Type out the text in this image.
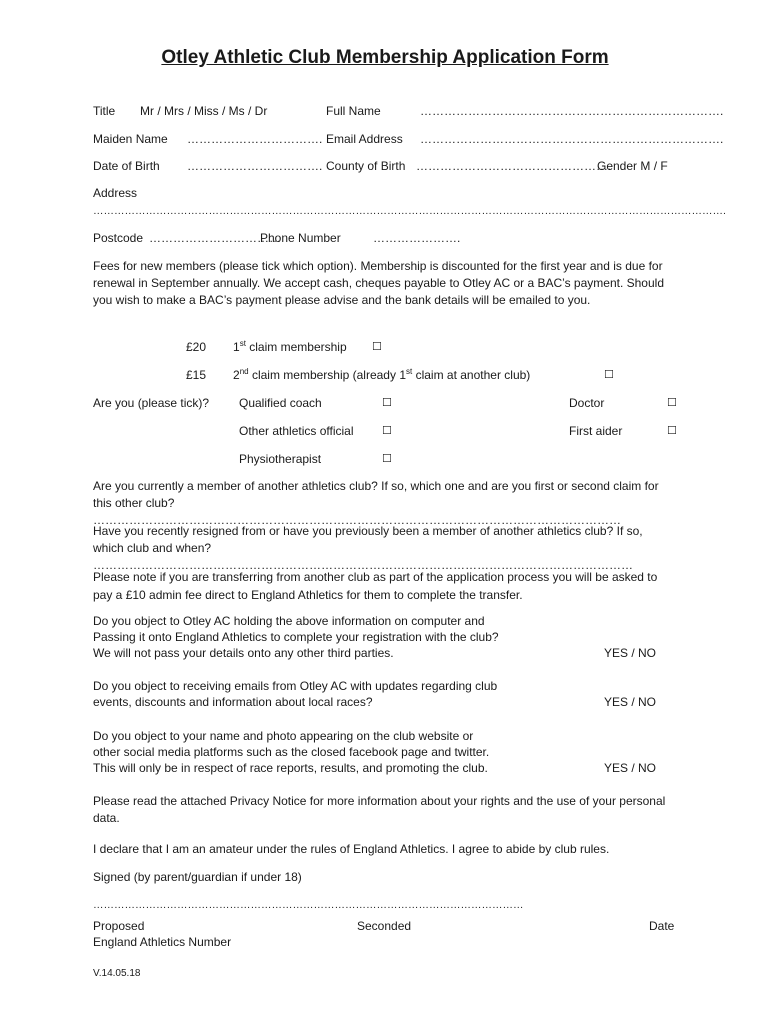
Otley Athletic Club Membership Application Form
Title Mr / Mrs / Miss / Ms / Dr	Full Name	………………………………………………………………….
Maiden Name ……………………………. Email Address ………………………………………………………………….
Date of Birth ……………………………. County of Birth ………………………………………….
Gender M / F
Address
……………………………………………………………………………………………………………………………………………………………….
Postcode ……………………………
Phone Number	………………….
Fees for new members (please tick which option). Membership is discounted for the first year and is due for renewal in September annually. We accept cash, cheques payable to Otley AC or a BAC’s payment. Should you wish to make a BAC’s payment please advise and the bank details will be emailed to you.
£20 1st claim membership ☐
£15 2nd claim membership (already 1st claim at another club)	☐
Are you (please tick)? Qualified coach	☐	Doctor	☐
Other athletics official	☐	First aider	☐
Physiotherapist	☐
Are you currently a member of another athletics club? If so, which one and are you first or second claim for this other club? ……………………………………………………………………………………………………………………
Have you recently resigned from or have you previously been a member of another athletics club? If so, which club and when? ………………………………………………………………………………………………………………………
Please note if you are transferring from another club as part of the application process you will be asked to pay a £10 admin fee direct to England Athletics for them to complete the transfer.
Do you object to Otley AC holding the above information on computer and
Passing it onto England Athletics to complete your registration with the club?
We will not pass your details onto any other third parties.	YES / NO
Do you object to receiving emails from Otley AC with updates regarding club
events, discounts and information about local races?	YES / NO
Do you object to your name and photo appearing on the club website or
other social media platforms such as the closed facebook page and twitter.
This will only be in respect of race reports, results, and promoting the club.	YES / NO
Please read the attached Privacy Notice for more information about your rights and the use of your personal data.
I declare that I am an amateur under the rules of England Athletics. I agree to abide by club rules.
Signed (by parent/guardian if under 18)
……………………………………………………………………………………………………………
Proposed	Seconded	Date
England Athletics Number
V.14.05.18
